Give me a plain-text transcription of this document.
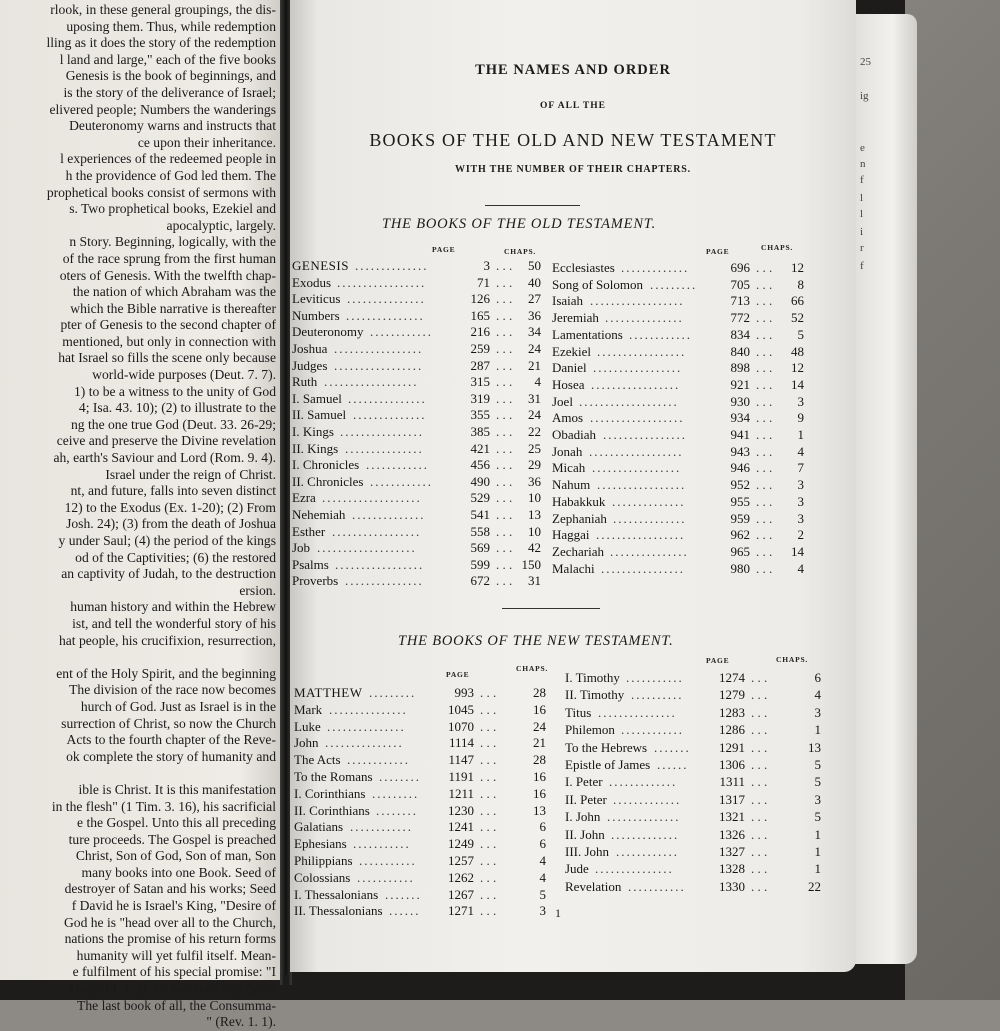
rlook, in these general groupings, the dis-
uposing them. Thus, while redemption
lling as it does the story of the redemption
l land and large," each of the five books
Genesis is the book of beginnings, and
is the story of the deliverance of Israel;
elivered people; Numbers the wanderings
Deuteronomy warns and instructs that
ce upon their inheritance.
l experiences of the redeemed people in
h the providence of God led them. The
prophetical books consist of sermons with
s. Two prophetical books, Ezekiel and
apocalyptic, largely.
n Story. Beginning, logically, with the
of the race sprung from the first human
oters of Genesis. With the twelfth chap-
the nation of which Abraham was the
which the Bible narrative is thereafter
pter of Genesis to the second chapter of
mentioned, but only in connection with
hat Israel so fills the scene only because
world-wide purposes (Deut. 7. 7).
1) to be a witness to the unity of God
4; Isa. 43. 10); (2) to illustrate to the
ng the one true God (Deut. 33. 26-29;
ceive and preserve the Divine revelation
ah, earth's Saviour and Lord (Rom. 9. 4).
Israel under the reign of Christ.
nt, and future, falls into seven distinct
12) to the Exodus (Ex. 1-20); (2) From
Josh. 24); (3) from the death of Joshua
y under Saul; (4) the period of the kings
od of the Captivities; (6) the restored
an captivity of Judah, to the destruction
ersion.
human history and within the Hebrew
ist, and tell the wonderful story of his
hat people, his crucifixion, resurrection,
ent of the Holy Spirit, and the beginning
The division of the race now becomes
hurch of God. Just as Israel is in the
surrection of Christ, so now the Church
Acts to the fourth chapter of the Reve-
ok complete the story of humanity and
ible is Christ. It is this manifestation
in the flesh" (1 Tim. 3. 16), his sacrificial
e the Gospel. Unto this all preceding
ture proceeds. The Gospel is preached
Christ, Son of God, Son of man, Son
many books into one Book. Seed of
destroyer of Satan and his works; Seed
f David he is Israel's King, "Desire of
God he is "head over all to the Church,
nations the promise of his return forms
humanity will yet fulfil itself. Mean-
e fulfilment of his special promise: "I
(John 14. 1-3). To him the Holy Spirit
The last book of all, the Consumma-
" (Rev. 1. 1).
25
ig
e
n
f
l
l
i
r
f
THE NAMES AND ORDER
OF ALL THE
BOOKS OF THE OLD AND NEW TESTAMENT
WITH THE NUMBER OF THEIR CHAPTERS.
THE BOOKS OF THE OLD TESTAMENT.
PAGE	CHAPS.	PAGE	CHAPS.
GENESIS ..............	3 . . .	50
Exodus .................	71 . . .	40
Leviticus ...............	126 . . .	27
Numbers ...............	165 . . .	36
Deuteronomy ............	216 . . .	34
Joshua .................	259 . . .	24
Judges .................	287 . . .	21
Ruth ..................	315 . . .	4
I. Samuel ...............	319 . . .	31
II. Samuel ..............	355 . . .	24
I. Kings ................	385 . . .	22
II. Kings ...............	421 . . .	25
I. Chronicles ............	456 . . .	29
II. Chronicles ............	490 . . .	36
Ezra ...................	529 . . .	10
Nehemiah ..............	541 . . .	13
Esther .................	558 . . .	10
Job ...................	569 . . .	42
Psalms .................	599 . . . 150
Proverbs ...............	672 . . .	31
Ecclesiastes .............	696 . . .	12
Song of Solomon .........	705 . . .	8
Isaiah ..................	713 . . .	66
Jeremiah ...............	772 . . .	52
Lamentations ............	834 . . .	5
Ezekiel .................	840 . . .	48
Daniel .................	898 . . .	12
Hosea .................	921 . . .	14
Joel ...................	930 . . .	3
Amos ..................	934 . . .	9
Obadiah ................	941 . . .	1
Jonah ..................	943 . . .	4
Micah .................	946 . . .	7
Nahum .................	952 . . .	3
Habakkuk ..............	955 . . .	3
Zephaniah ..............	959 . . .	3
Haggai .................	962 . . .	2
Zechariah ...............	965 . . .	14
Malachi ................	980 . . .	4
THE BOOKS OF THE NEW TESTAMENT.
PAGE
CHAPS.
PAGE	CHAPS.
MATTHEW .........	993 . . .	28
Mark ...............	1045 . . .	16
Luke ...............	1070 . . .	24
John ...............	1114 . . .	21
The Acts ............	1147 . . .	28
To the Romans ........	1191 . . .	16
I. Corinthians .........	1211 . . .	16
II. Corinthians ........	1230 . . .	13
Galatians ............	1241 . . .	6
Ephesians ...........	1249 . . .	6
Philippians ...........	1257 . . .	4
Colossians ...........	1262 . . .	4
I. Thessalonians .......	1267 . . .	5
II. Thessalonians ......	1271 . . .	3
I. Timothy ...........	1274 . . .	6
II. Timothy ..........	1279 . . .	4
Titus ...............	1283 . . .	3
Philemon ............	1286 . . .	1
To the Hebrews .......	1291 . . .	13
Epistle of James ......	1306 . . .	5
I. Peter .............	1311 . . .	5
II. Peter .............	1317 . . .	3
I. John ..............	1321 . . .	5
II. John .............	1326 . . .	1
III. John ............	1327 . . .	1
Jude ...............	1328 . . .	1
Revelation ...........	1330 . . .	22
1
